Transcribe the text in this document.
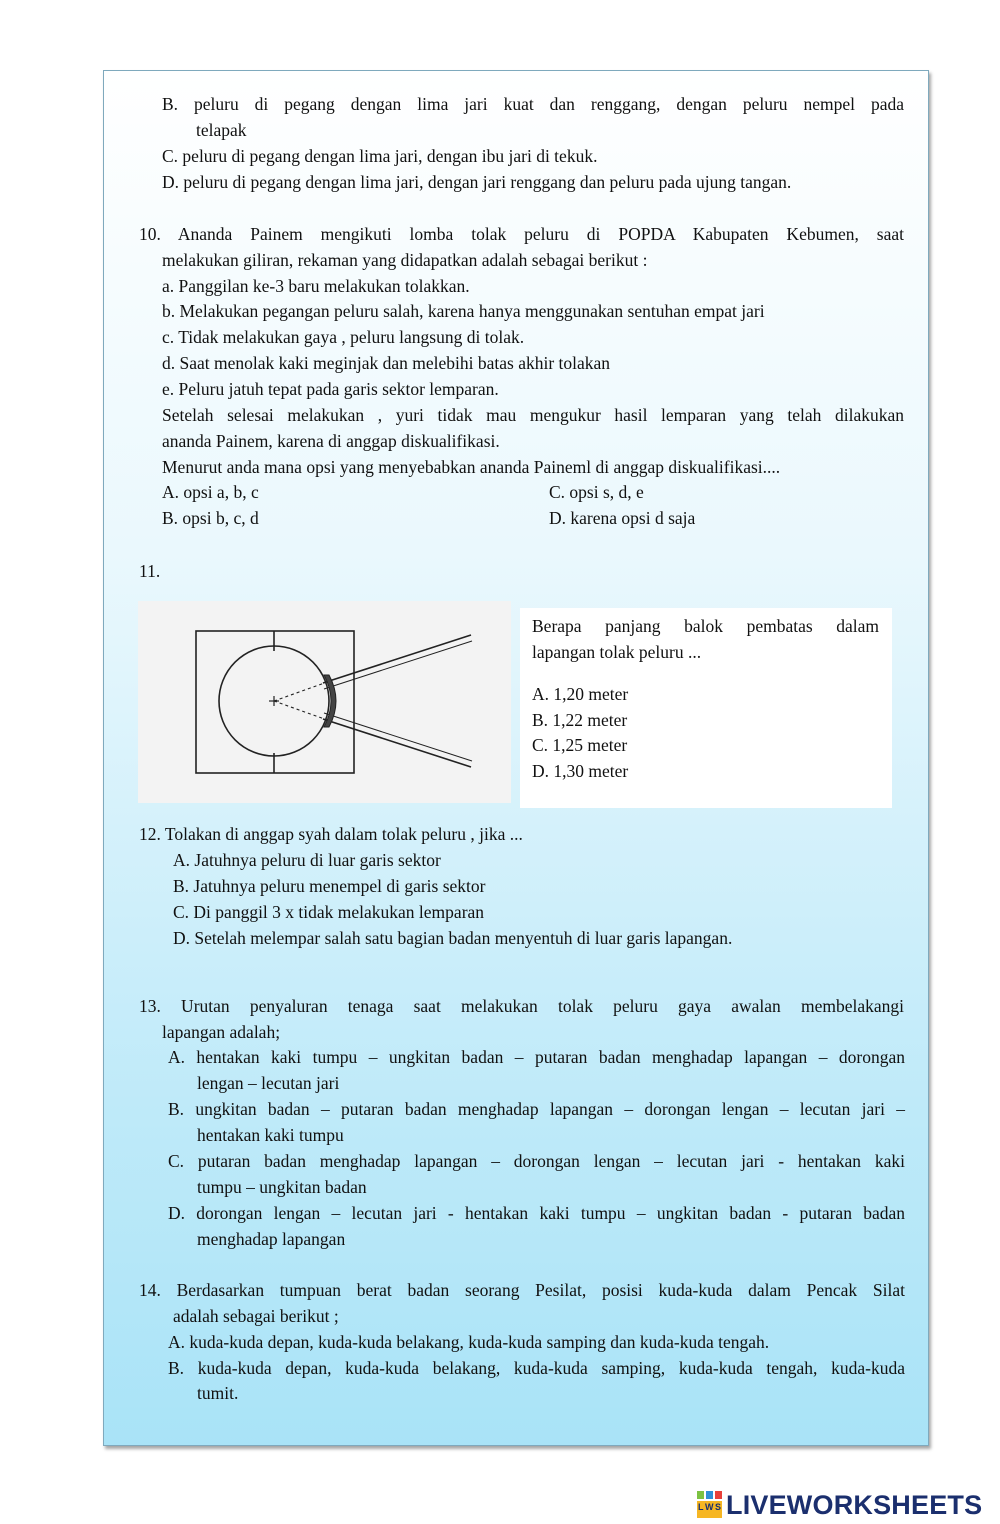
B. peluru di pegang dengan lima jari kuat dan renggang, dengan peluru nempel pada
telapak
C. peluru di pegang dengan lima jari, dengan ibu jari di tekuk.
D. peluru di pegang dengan lima jari, dengan jari renggang dan peluru pada ujung tangan.
10. Ananda Painem mengikuti lomba tolak peluru di POPDA Kabupaten Kebumen, saat
melakukan giliran, rekaman yang didapatkan adalah sebagai berikut :
a. Panggilan ke-3 baru melakukan tolakkan.
b. Melakukan pegangan peluru salah, karena hanya menggunakan sentuhan empat jari
c. Tidak melakukan gaya , peluru langsung di tolak.
d. Saat menolak kaki meginjak dan melebihi batas akhir tolakan
e. Peluru jatuh tepat pada garis sektor lemparan.
Setelah selesai melakukan , yuri tidak mau mengukur hasil lemparan yang telah dilakukan
ananda Painem, karena di anggap diskualifikasi.
Menurut anda mana opsi yang menyebabkan ananda Paineml di anggap diskualifikasi....
A. opsi a, b, c	C. opsi s, d, e
B. opsi b, c, d	D. karena opsi d saja
11.
Berapa panjang balok pembatas dalam
lapangan tolak peluru ...
A. 1,20 meter
B. 1,22 meter
C. 1,25 meter
D. 1,30 meter
12. Tolakan di anggap syah dalam tolak peluru , jika ...
A. Jatuhnya peluru di luar garis sektor
B. Jatuhnya peluru menempel di garis sektor
C. Di panggil 3 x tidak melakukan lemparan
D. Setelah melempar salah satu bagian badan menyentuh di luar garis lapangan.
13. Urutan penyaluran tenaga saat melakukan tolak peluru gaya awalan membelakangi
lapangan adalah;
A. hentakan kaki tumpu – ungkitan badan – putaran badan menghadap lapangan – dorongan
lengan – lecutan jari
B. ungkitan badan – putaran badan menghadap lapangan – dorongan lengan – lecutan jari –
hentakan kaki tumpu
C. putaran badan menghadap lapangan – dorongan lengan – lecutan jari - hentakan kaki
tumpu – ungkitan badan
D. dorongan lengan – lecutan jari - hentakan kaki tumpu – ungkitan badan - putaran badan
menghadap lapangan
14. Berdasarkan tumpuan berat badan seorang Pesilat, posisi kuda-kuda dalam Pencak Silat
adalah sebagai berikut ;
A. kuda-kuda depan, kuda-kuda belakang, kuda-kuda samping dan kuda-kuda tengah.
B. kuda-kuda depan, kuda-kuda belakang, kuda-kuda samping, kuda-kuda tengah, kuda-kuda
tumit.
L W S LIVEWORKSHEETS
